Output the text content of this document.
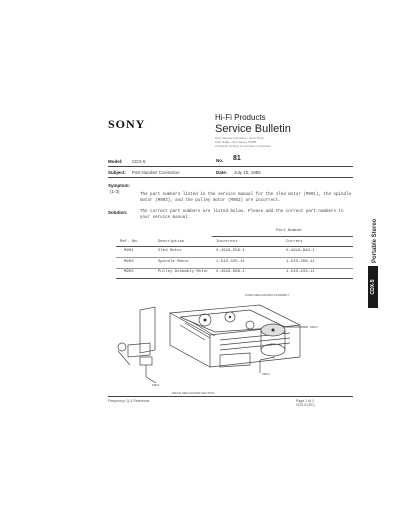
SONY	Hi-Fi Products
Service Bulletin
Sony Service Company • Sony Drive
Park Ridge, New Jersey 07656
A Division of Sony Corporation of America
Model: CDX-5	No. 81
Subject: Part Number Correction	Date: July 15, 1985
Symptom:
(1-3)
The part numbers listed in the service manual for the sled motor (M901), the spindle motor (M903), and the pulley motor (M902) are incorrect.
Solution:	The correct part numbers are listed below. Please add the correct part numbers to your service manual.
Part Number
Ref. No.	Description	Incorrect	Correct
M901	Sled Motor	X-4918-559-1	X-4918-964-1
M903	Spindle Motor	1-543-425-11	1-543-408-11
M902	Pulley Assembly Motor X-4918-898-1	1-543-233-11
Portable Stereo
CDX-5
FIXED MECHANISM ASSEMBLY
M903
M902
M901
DRIVE MECHANISM SECTION
Frequency: Q-4 Reference	Page 1 of 1
CDX-5 (SC)
